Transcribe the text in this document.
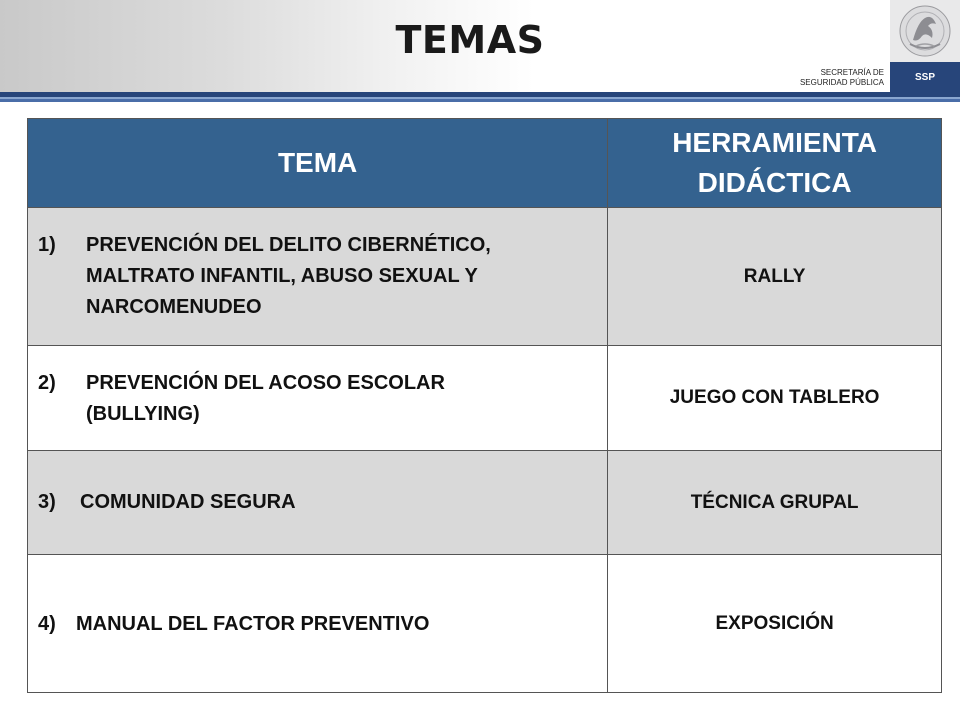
TEMAS
SECRETARÍA DE
SEGURIDAD PÚBLICA	SSP
TEMA	HERRAMIENTA
DIDÁCTICA

1) PREVENCIÓN DEL DELITO CIBERNÉTICO,
MALTRATO INFANTIL, ABUSO SEXUAL Y
NARCOMENUDEO	RALLY

2) PREVENCIÓN DEL ACOSO ESCOLAR
(BULLYING)	JUEGO CON TABLERO

3) COMUNIDAD SEGURA	TÉCNICA GRUPAL

4) MANUAL DEL FACTOR PREVENTIVO	EXPOSICIÓN
